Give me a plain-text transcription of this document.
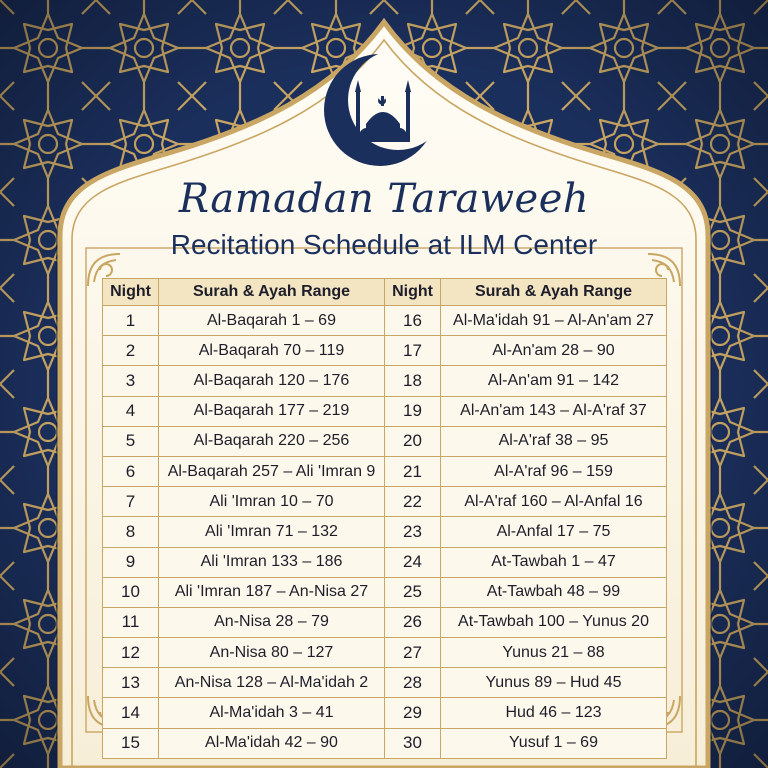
Ramadan Taraweeh
Recitation Schedule at ILM Center
Night	Surah & Ayah Range	Night	Surah & Ayah Range
1	Al-Baqarah 1 – 69	16	Al-Ma'idah 91 – Al-An'am 27
2	Al-Baqarah 70 – 119	17	Al-An'am 28 – 90
3	Al-Baqarah 120 – 176	18	Al-An'am 91 – 142
4	Al-Baqarah 177 – 219	19	Al-An'am 143 – Al-A'raf 37
5	Al-Baqarah 220 – 256	20	Al-A'raf 38 – 95
6	Al-Baqarah 257 – Ali 'Imran 9	21	Al-A'raf 96 – 159
7	Ali 'Imran 10 – 70	22	Al-A'raf 160 – Al-Anfal 16
8	Ali 'Imran 71 – 132	23	Al-Anfal 17 – 75
9	Ali 'Imran 133 – 186	24	At-Tawbah 1 – 47
10	Ali 'Imran 187 – An-Nisa 27	25	At-Tawbah 48 – 99
11	An-Nisa 28 – 79	26	At-Tawbah 100 – Yunus 20
12	An-Nisa 80 – 127	27	Yunus 21 – 88
13	An-Nisa 128 – Al-Ma'idah 2	28	Yunus 89 – Hud 45
14	Al-Ma'idah 3 – 41	29	Hud 46 – 123
15	Al-Ma'idah 42 – 90	30	Yusuf 1 – 69
